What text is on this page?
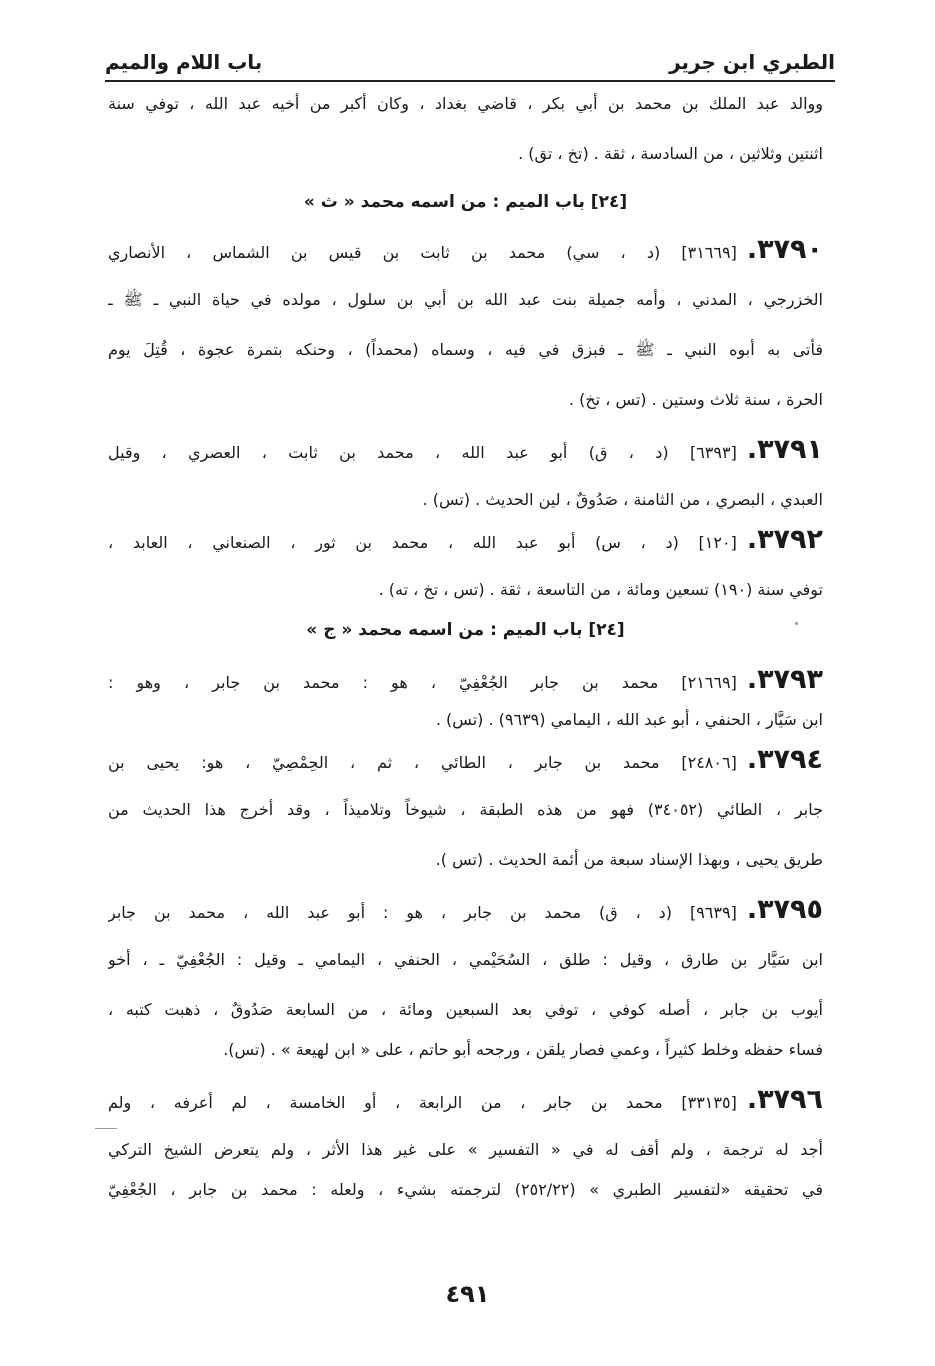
الطبري ابن جرير
باب اللام والميم
ووالد عبد الملك بن محمد بن أبي بكر ، قاضي بغداد ، وكان أكبر من أخيه عبد الله ، توفي سنة
اثنتين وثلاثين ، من السادسة ، ثقة . (تخ ، تق) .
[٢٤] باب الميم : من اسمه محمد « ث »
٣٧٩٠.[٣١٦٦٩] (د ، سي) محمد بن ثابت بن قيس بن الشماس ، الأنصاري
الخزرجي ، المدني ، وأمه جميلة بنت عبد الله بن أبي بن سلول ، مولده في حياة النبي ـ ﷺ ـ
فأتى به أبوه النبي ـ ﷺ ـ فبزق في فيه ، وسماه (محمداً) ، وحنكه بتمرة عجوة ، قُتِلَ يوم
الحرة ، سنة ثلاث وستين . (تس ، تخ) .
٣٧٩١.[٦٣٩٣] (د ، ق) أبو عبد الله ، محمد بن ثابت ، العصري ، وقيل
العبدي ، البصري ، من الثامنة ، صَدُوقٌ ، لين الحديث . (تس) .
٣٧٩٢.[١٢٠] (د ، س) أبو عبد الله ، محمد بن ثور ، الصنعاني ، العابد ،
توفي سنة (١٩٠) تسعين ومائة ، من التاسعة ، ثقة . (تس ، تخ ، ته) .
[٢٤] باب الميم : من اسمه محمد « ج »
٣٧٩٣.[٢١٦٦٩] محمد بن جابر الجُعْفِيّ ، هو : محمد بن جابر ، وهو :
ابن سَيَّار ، الحنفي ، أبو عبد الله ، اليمامي (٩٦٣٩) . (تس) .
٣٧٩٤.[٢٤٨٠٦] محمد بن جابر ، الطائي ، ثم ، الحِمْصِيّ ، هو: يحيى بن
جابر ، الطائي (٣٤٠٥٢) فهو من هذه الطبقة ، شيوخاً وتلاميذاً ، وقد أخرج هذا الحديث من
طريق يحيى ، وبهذا الإسناد سبعة من أئمة الحديث . (تس ).
٣٧٩٥.[٩٦٣٩] (د ، ق) محمد بن جابر ، هو : أبو عبد الله ، محمد بن جابر
ابن سَيَّار بن طارق ، وقيل : طلق ، السُحَيْمي ، الحنفي ، اليمامي ـ وقيل : الجُعْفِيّ ـ ، أخو
أيوب بن جابر ، أصله كوفي ، توفي بعد السبعين ومائة ، من السابعة صَدُوقٌ ، ذهبت كتبه ،
فساء حفظه وخلط كثيراً ، وعمي فصار يلقن ، ورجحه أبو حاتم ، على « ابن لهيعة » . (تس).
٣٧٩٦.[٣٣١٣٥] محمد بن جابر ، من الرابعة ، أو الخامسة ، لم أعرفه ، ولم
أجد له ترجمة ، ولم أقف له في « التفسير » على غير هذا الأثر ، ولم يتعرض الشيخ التركي
في تحقيقه «لتفسير الطبري » (٢٥٢/٢٢) لترجمته بشيء ، ولعله : محمد بن جابر ، الجُعْفِيّ
٤٩١
